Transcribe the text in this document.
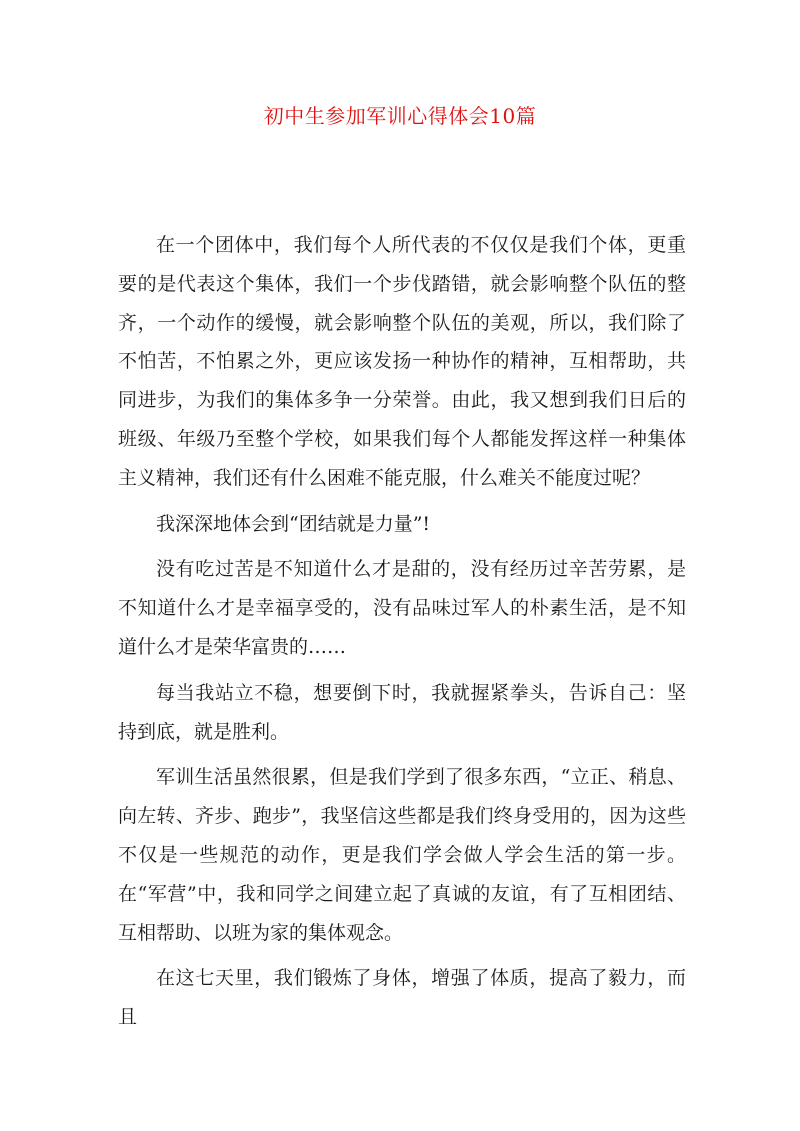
初中生参加军训心得体会10篇

在一个团体中，我们每个人所代表的不仅仅是我们个体，更重要的是代表这个集体，我们一个步伐踏错，就会影响整个队伍的整齐，一个动作的缓慢，就会影响整个队伍的美观，所以，我们除了不怕苦，不怕累之外，更应该发扬一种协作的精神，互相帮助，共同进步，为我们的集体多争一分荣誉。由此，我又想到我们日后的班级、年级乃至整个学校，如果我们每个人都能发挥这样一种集体主义精神，我们还有什么困难不能克服，什么难关不能度过呢？

我深深地体会到“团结就是力量”!

没有吃过苦是不知道什么才是甜的，没有经历过辛苦劳累，是不知道什么才是幸福享受的，没有品味过军人的朴素生活，是不知道什么才是荣华富贵的……

每当我站立不稳，想要倒下时，我就握紧拳头，告诉自己：坚持到底，就是胜利。

军训生活虽然很累，但是我们学到了很多东西，“立正、稍息、向左转、齐步、跑步”，我坚信这些都是我们终身受用的，因为这些不仅是一些规范的动作，更是我们学会做人学会生活的第一步。在“军营”中，我和同学之间建立起了真诚的友谊，有了互相团结、互相帮助、以班为家的集体观念。

在这七天里，我们锻炼了身体，增强了体质，提高了毅力，而且
